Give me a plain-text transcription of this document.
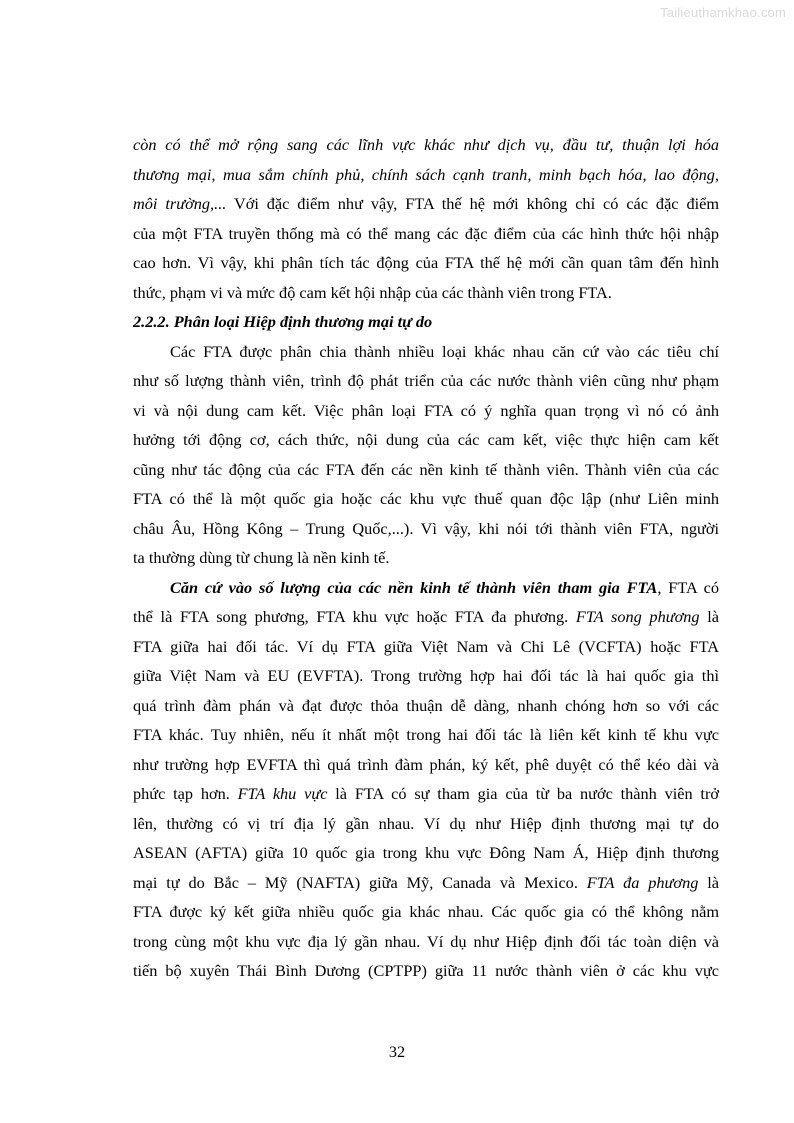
Tailieuthamkhao.com
còn có thể mở rộng sang các lĩnh vực khác như dịch vụ, đầu tư, thuận lợi hóa
thương mại, mua sắm chính phủ, chính sách cạnh tranh, minh bạch hóa, lao động,
môi trường,... Với đặc điểm như vậy, FTA thế hệ mới không chỉ có các đặc điểm
của một FTA truyền thống mà có thể mang các đặc điểm của các hình thức hội nhập
cao hơn. Vì vậy, khi phân tích tác động của FTA thế hệ mới cần quan tâm đến hình
thức, phạm vi và mức độ cam kết hội nhập của các thành viên trong FTA.
2.2.2. Phân loại Hiệp định thương mại tự do
Các FTA được phân chia thành nhiều loại khác nhau căn cứ vào các tiêu chí
như số lượng thành viên, trình độ phát triển của các nước thành viên cũng như phạm
vi và nội dung cam kết. Việc phân loại FTA có ý nghĩa quan trọng vì nó có ảnh
hưởng tới động cơ, cách thức, nội dung của các cam kết, việc thực hiện cam kết
cũng như tác động của các FTA đến các nền kinh tế thành viên. Thành viên của các
FTA có thể là một quốc gia hoặc các khu vực thuế quan độc lập (như Liên minh
châu Âu, Hồng Kông – Trung Quốc,...). Vì vậy, khi nói tới thành viên FTA, người
ta thường dùng từ chung là nền kinh tế.
Căn cứ vào số lượng của các nền kinh tế thành viên tham gia FTA, FTA có
thể là FTA song phương, FTA khu vực hoặc FTA đa phương. FTA song phương là
FTA giữa hai đối tác. Ví dụ FTA giữa Việt Nam và Chi Lê (VCFTA) hoặc FTA
giữa Việt Nam và EU (EVFTA). Trong trường hợp hai đối tác là hai quốc gia thì
quá trình đàm phán và đạt được thỏa thuận dễ dàng, nhanh chóng hơn so với các
FTA khác. Tuy nhiên, nếu ít nhất một trong hai đối tác là liên kết kinh tế khu vực
như trường hợp EVFTA thì quá trình đàm phán, ký kết, phê duyệt có thể kéo dài và
phức tạp hơn. FTA khu vực là FTA có sự tham gia của từ ba nước thành viên trở
lên, thường có vị trí địa lý gần nhau. Ví dụ như Hiệp định thương mại tự do
ASEAN (AFTA) giữa 10 quốc gia trong khu vực Đông Nam Á, Hiệp định thương
mại tự do Bắc – Mỹ (NAFTA) giữa Mỹ, Canada và Mexico. FTA đa phương là
FTA được ký kết giữa nhiều quốc gia khác nhau. Các quốc gia có thể không nằm
trong cùng một khu vực địa lý gần nhau. Ví dụ như Hiệp định đối tác toàn diện và
tiến bộ xuyên Thái Bình Dương (CPTPP) giữa 11 nước thành viên ở các khu vực
32
